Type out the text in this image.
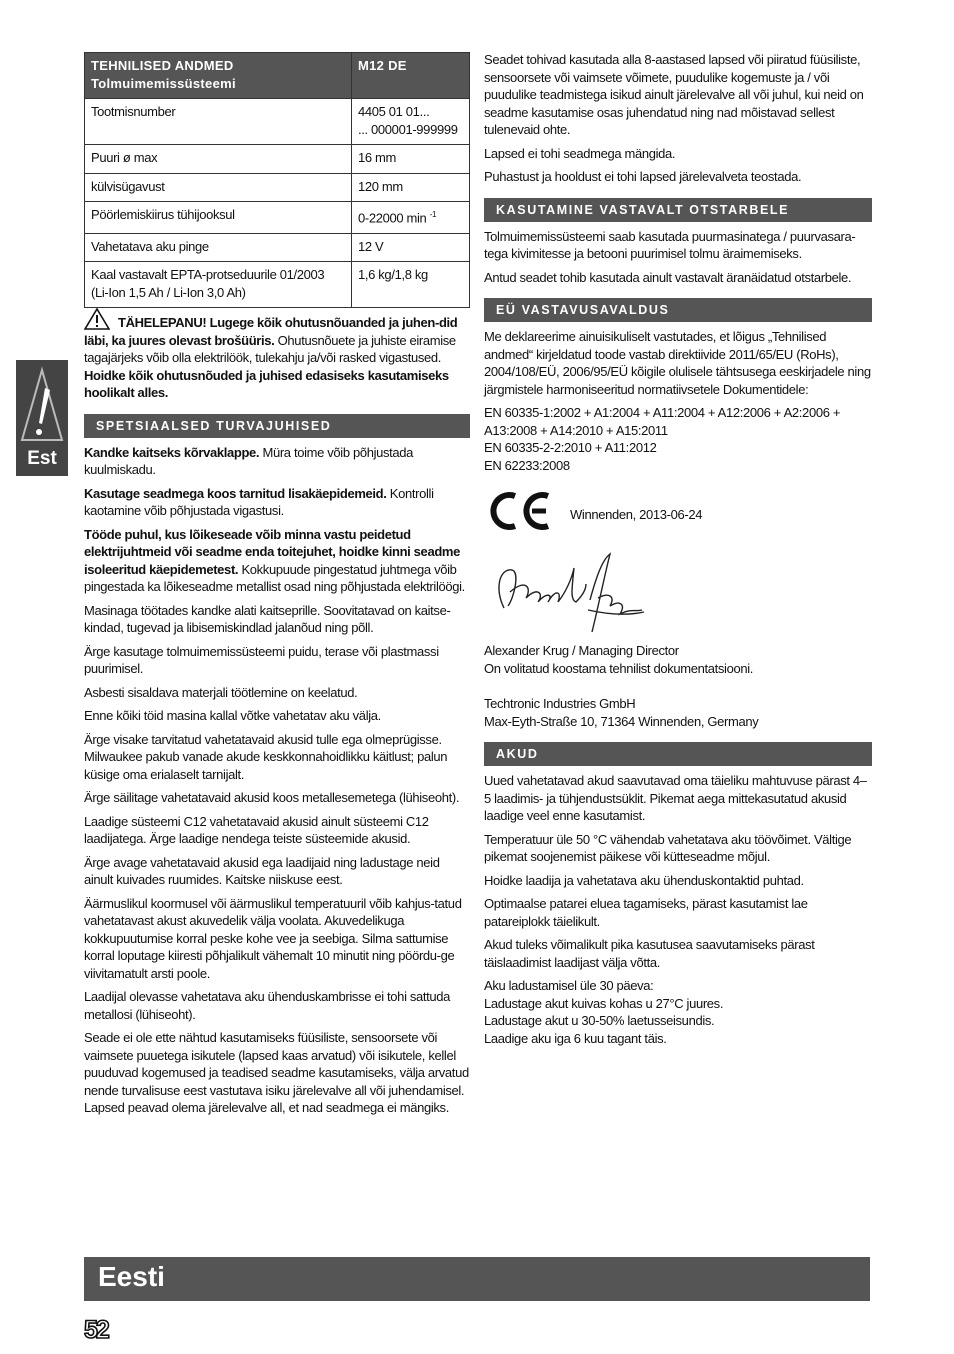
Est
TEHNILISED ANDMED
Tolmuimemissüsteemi	M12 DE
Tootmisnumber	4405 01 01...
... 000001-999999

Puuri ø max	16 mm
külvisügavust	120 mm
Pöörlemiskiirus tühijooksul	0-22000 min $^{-1}$
Vahetatava aku pinge	12 V

Kaal vastavalt EPTA-protseduurile 01/2003
(Li-Ion 1,5 Ah / Li-Ion 3,0 Ah)	1,6 kg/1,8 kg

TÄHELEPANU! Lugege kõik ohutusnõuanded ja juhen-did läbi, ka juures olevast brošüüris. Ohutusnõuete ja juhiste eiramise tagajärjeks võib olla elektrilöök, tulekahju ja/või rasked vigastused. Hoidke kõik ohutusnõuded ja juhised edasiseks kasutamiseks hoolikalt alles.

SPETSIAALSED TURVAJUHISED

Kandke kaitseks kõrvaklappe. Müra toime võib põhjustada kuulmiskadu.

Kasutage seadmega koos tarnitud lisakäepidemeid. Kontrolli kaotamine võib põhjustada vigastusi.

Tööde puhul, kus lõikeseade võib minna vastu peidetud elektrijuhtmeid või seadme enda toitejuhet, hoidke kinni seadme isoleeritud käepidemetest. Kokkupuude pingestatud juhtmega võib pingestada ka lõikeseadme metallist osad ning põhjustada elektrilöögi.

Masinaga töötades kandke alati kaitseprille. Soovitatavad on kaitse-kindad, tugevad ja libisemiskindlad jalanõud ning põll.

Ärge kasutage tolmuimemissüsteemi puidu, terase või plastmassi puurimisel.

Asbesti sisaldava materjali töötlemine on keelatud.

Enne kõiki töid masina kallal võtke vahetatav aku välja.

Ärge visake tarvitatud vahetatavaid akusid tulle ega olmeprügisse. Milwaukee pakub vanade akude keskkonnahoidlikku käitlust; palun küsige oma erialaselt tarnijalt.

Ärge säilitage vahetatavaid akusid koos metallesemetega (lühiseoht).

Laadige süsteemi C12 vahetatavaid akusid ainult süsteemi C12 laadijatega. Ärge laadige nendega teiste süsteemide akusid.

Ärge avage vahetatavaid akusid ega laadijaid ning ladustage neid ainult kuivades ruumides. Kaitske niiskuse eest.

Äärmuslikul koormusel või äärmuslikul temperatuuril võib kahjus-tatud vahetatavast akust akuvedelik välja voolata. Akuvedelikuga kokkupuutumise korral peske kohe vee ja seebiga. Silma sattumise korral loputage kiiresti põhjalikult vähemalt 10 minutit ning pöördu-ge viivitamatult arsti poole.

Laadijal olevasse vahetatava aku ühenduskambrisse ei tohi sattuda metallosi (lühiseoht).

Seade ei ole ette nähtud kasutamiseks füüsiliste, sensoorsete või vaimsete puuetega isikutele (lapsed kaas arvatud) või isikutele, kellel puuduvad kogemused ja teadised seadme kasutamiseks, välja arvatud nende turvalisuse eest vastutava isiku järelevalve all või juhendamisel. Lapsed peavad olema järelevalve all, et nad seadmega ei mängiks.

Seadet tohivad kasutada alla 8-aastased lapsed või piiratud füüsiliste, sensoorsete või vaimsete võimete, puudulike kogemuste ja / või puudulike teadmistega isikud ainult järelevalve all või juhul, kui neid on seadme kasutamise osas juhendatud ning nad mõistavad sellest tulenevaid ohte.

Lapsed ei tohi seadmega mängida.

Puhastust ja hooldust ei tohi lapsed järelevalveta teostada.

KASUTAMINE VASTAVALT OTSTARBELE

Tolmuimemissüsteemi saab kasutada puurmasinatega / puurvasara-tega kivimitesse ja betooni puurimisel tolmu äraimemiseks.

Antud seadet tohib kasutada ainult vastavalt äranäidatud otstarbele.

EÜ VASTAVUSAVALDUS

Me deklareerime ainuisikuliselt vastutades, et lõigus „Tehnilised andmed“ kirjeldatud toode vastab direktiivide 2011/65/EU (RoHs), 2004/108/EÜ, 2006/95/EÜ kõigile olulisele tähtsusega eeskirjadele ning järgmistele harmoniseeritud normatiivsetele Dokumentidele:

EN 60335-1:2002 + A1:2004 + A11:2004 + A12:2006 + A2:2006 + A13:2008 + A14:2010 + A15:2011

EN 60335-2-2:2010 + A11:2012

EN 62233:2008

Winnenden, 2013-06-24

Alexander Krug / Managing Director

On volitatud koostama tehnilist dokumentatsiooni.

Techtronic Industries GmbH

Max-Eyth-Straße 10, 71364 Winnenden, Germany

AKUD

Uued vahetatavad akud saavutavad oma täieliku mahtuvuse pärast 4–5 laadimis- ja tühjendustsüklit. Pikemat aega mittekasutatud akusid laadige veel enne kasutamist.

Temperatuur üle 50 °C vähendab vahetatava aku töövõimet. Vältige pikemat soojenemist päikese või kütteseadme mõjul.

Hoidke laadija ja vahetatava aku ühenduskontaktid puhtad.

Optimaalse patarei eluea tagamiseks, pärast kasutamist lae patareiplokk täielikult.

Akud tuleks võimalikult pika kasutusea saavutamiseks pärast täislaadimist laadijast välja võtta.

Aku ladustamisel üle 30 päeva:

Ladustage akut kuivas kohas u 27°C juures.

Ladustage akut u 30-50% laetusseisundis.

Laadige aku iga 6 kuu tagant täis.

Eesti
52
